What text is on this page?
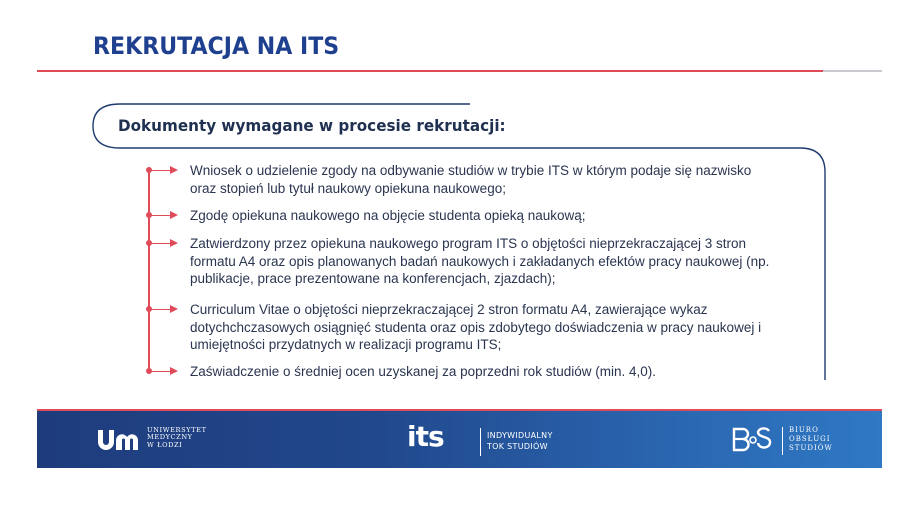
REKRUTACJA NA ITS
Dokumenty wymagane w procesie rekrutacji:
Wniosek o udzielenie zgody na odbywanie studiów w trybie ITS w którym podaje się nazwisko oraz stopień lub tytuł naukowy opiekuna naukowego;
Zgodę opiekuna naukowego na objęcie studenta opieką naukową;
Zatwierdzony przez opiekuna naukowego program ITS o objętości nieprzekraczającej 3 stron formatu A4 oraz opis planowanych badań naukowych i zakładanych efektów pracy naukowej (np. publikacje, prace prezentowane na konferencjach, zjazdach);
Curriculum Vitae o objętości nieprzekraczającej 2 stron formatu A4, zawierające wykaz dotychchczasowych osiągnięć studenta oraz opis zdobytego doświadczenia w pracy naukowej i umiejętności przydatnych w realizacji programu ITS;
Zaświadczenie o średniej ocen uzyskanej za poprzedni rok studiów (min. 4,0).
UNIWERSYTET
MEDYCZNY
W ŁODZI	its	INDYWIDUALNY
TOK STUDIÓW
BIURO
OBSŁUGI
STUDIÓW
